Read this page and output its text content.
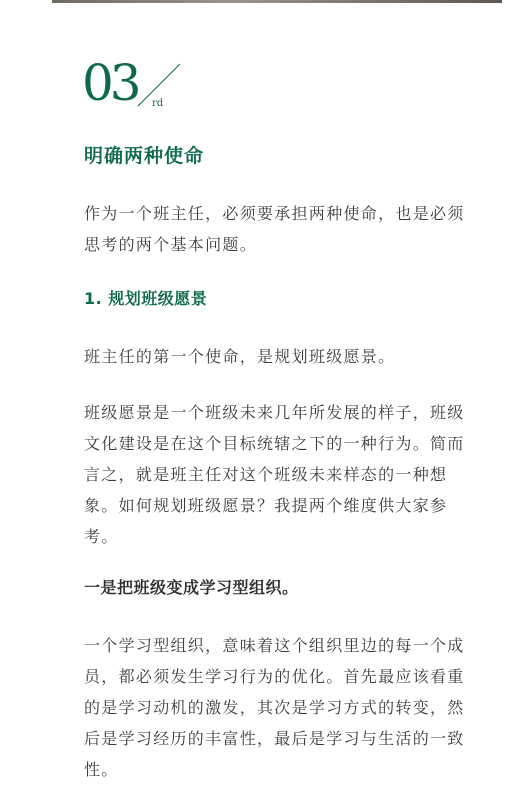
03 rd
明确两种使命

作为一个班主任，必须要承担两种使命，也是必须思考的两个基本问题。

1. 规划班级愿景

班主任的第一个使命，是规划班级愿景。

班级愿景是一个班级未来几年所发展的样子，班级文化建设是在这个目标统辖之下的一种行为。简而言之，就是班主任对这个班级未来样态的一种想象。如何规划班级愿景？我提两个维度供大家参考。

一是把班级变成学习型组织。

一个学习型组织，意味着这个组织里边的每一个成员，都必须发生学习行为的优化。首先最应该看重的是学习动机的激发，其次是学习方式的转变，然后是学习经历的丰富性，最后是学习与生活的一致性。
